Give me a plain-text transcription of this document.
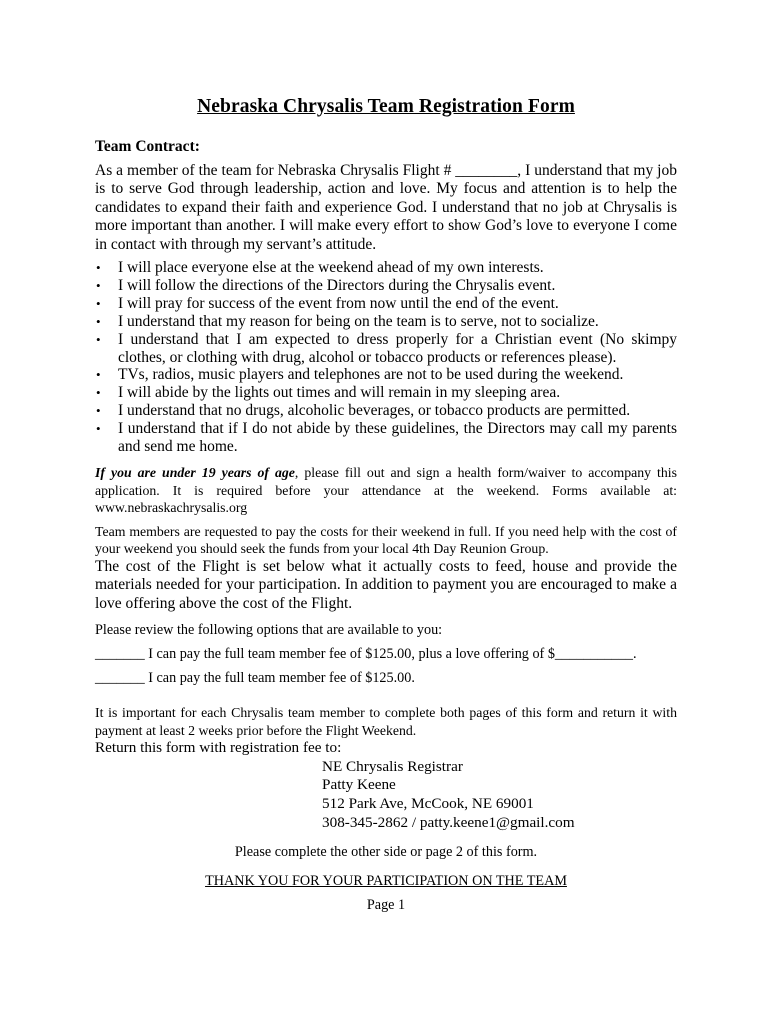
Nebraska Chrysalis Team Registration Form
Team Contract:

As a member of the team for Nebraska Chrysalis Flight # ________, I understand that my job is to serve God through leadership, action and love. My focus and attention is to help the candidates to expand their faith and experience God. I understand that no job at Chrysalis is more important than another. I will make every effort to show God’s love to everyone I come in contact with through my servant’s attitude.

• I will place everyone else at the weekend ahead of my own interests.
• I will follow the directions of the Directors during the Chrysalis event.
• I will pray for success of the event from now until the end of the event.
• I understand that my reason for being on the team is to serve, not to socialize.
• I understand that I am expected to dress properly for a Christian event (No skimpy clothes, or clothing with drug, alcohol or tobacco products or references please).
• TVs, radios, music players and telephones are not to be used during the weekend.
• I will abide by the lights out times and will remain in my sleeping area.
• I understand that no drugs, alcoholic beverages, or tobacco products are permitted.
• I understand that if I do not abide by these guidelines, the Directors may call my parents and send me home.

If you are under 19 years of age, please fill out and sign a health form/waiver to accompany this application. It is required before your attendance at the weekend. Forms available at: www.nebraskachrysalis.org

Team members are requested to pay the costs for their weekend in full. If you need help with the cost of your weekend you should seek the funds from your local 4th Day Reunion Group.

The cost of the Flight is set below what it actually costs to feed, house and provide the materials needed for your participation. In addition to payment you are encouraged to make a love offering above the cost of the Flight.

Please review the following options that are available to you:

_______ I can pay the full team member fee of $125.00, plus a love offering of $___________.

_______ I can pay the full team member fee of $125.00.

It is important for each Chrysalis team member to complete both pages of this form and return it with payment at least 2 weeks prior before the Flight Weekend.

Return this form with registration fee to:

NE Chrysalis Registrar
Patty Keene
512 Park Ave, McCook, NE 69001
308-345-2862 / patty.keene1@gmail.com

Please complete the other side or page 2 of this form.

THANK YOU FOR YOUR PARTICIPATION ON THE TEAM

Page 1
